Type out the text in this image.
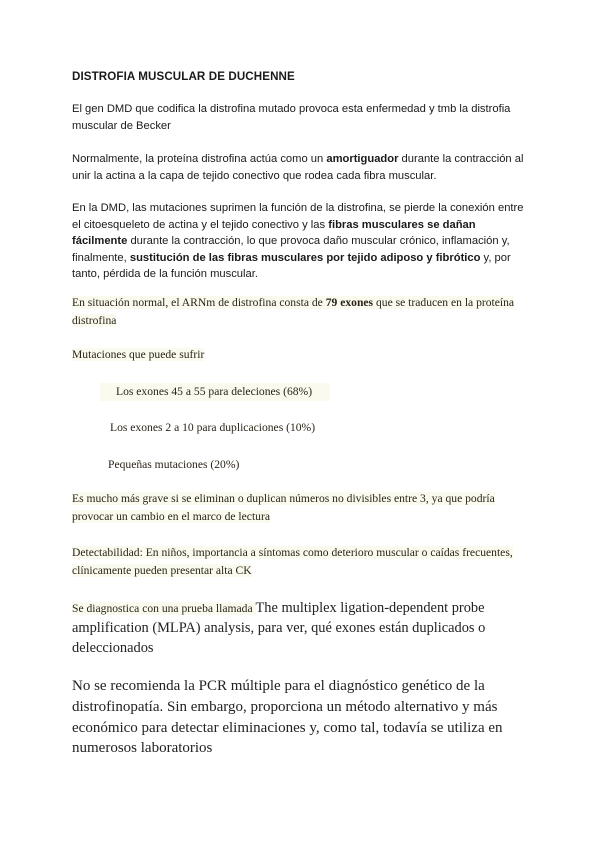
DISTROFIA MUSCULAR DE DUCHENNE

El gen DMD que codifica la distrofina mutado provoca esta enfermedad y tmb la distrofia muscular de Becker

Normalmente, la proteína distrofina actúa como un amortiguador durante la contracción al unir la actina a la capa de tejido conectivo que rodea cada fibra muscular.

En la DMD, las mutaciones suprimen la función de la distrofina, se pierde la conexión entre el citoesqueleto de actina y el tejido conectivo y las fibras musculares se dañan fácilmente durante la contracción, lo que provoca daño muscular crónico, inflamación y, finalmente, sustitución de las fibras musculares por tejido adiposo y fibrótico y, por tanto, pérdida de la función muscular.

En situación normal, el ARNm de distrofina consta de 79 exones que se traducen en la proteína distrofina

Mutaciones que puede sufrir

Los exones 45 a 55 para deleciones (68%)
Los exones 2 a 10 para duplicaciones (10%)
Pequeñas mutaciones (20%)

Es mucho más grave si se eliminan o duplican números no divisibles entre 3, ya que podría provocar un cambio en el marco de lectura

Detectabilidad: En niños, importancia a síntomas como deterioro muscular o caídas frecuentes, clínicamente pueden presentar alta CK

Se diagnostica con una prueba llamada The multiplex ligation-dependent probe amplification (MLPA) analysis, para ver, qué exones están duplicados o deleccionados

No se recomienda la PCR múltiple para el diagnóstico genético de la distrofinopatía. Sin embargo, proporciona un método alternativo y más económico para detectar eliminaciones y, como tal, todavía se utiliza en numerosos laboratorios
